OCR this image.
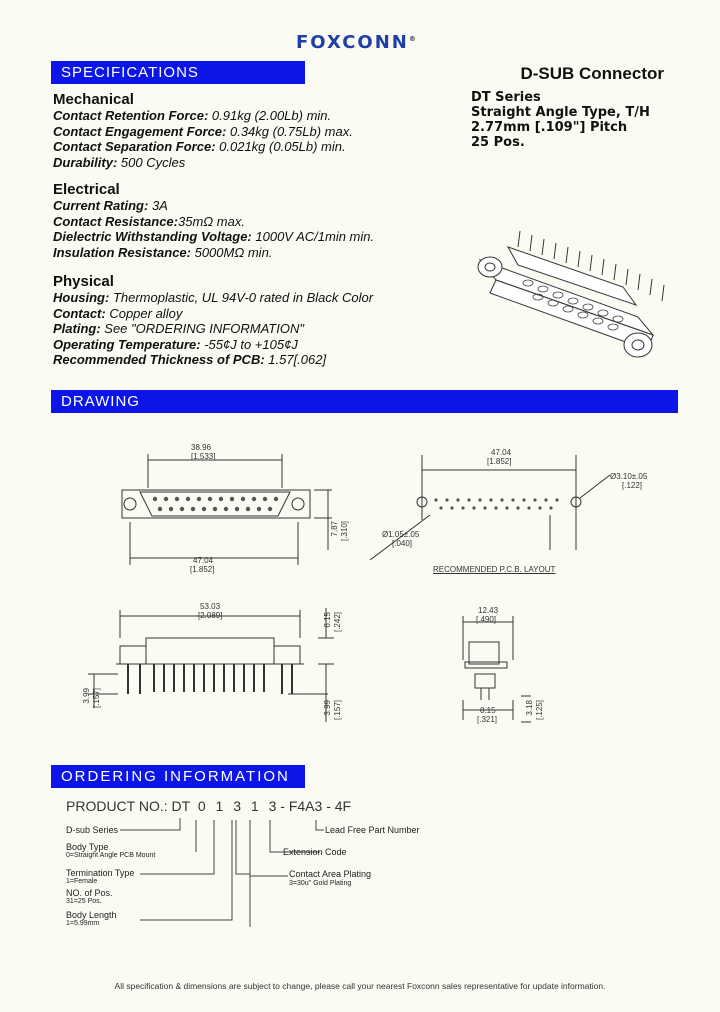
FOXCONN®
SPECIFICATIONS	D-SUB Connector
DT Series
Straight Angle Type, T/H
2.77mm [.109"] Pitch
25 Pos.
Mechanical
Contact Retention Force: 0.91kg (2.00Lb) min.
Contact Engagement Force: 0.34kg (0.75Lb) max.
Contact Separation Force: 0.021kg (0.05Lb) min.
Durability: 500 Cycles
Electrical
Current Rating: 3A
Contact Resistance:35mΩ max.
Dielectric Withstanding Voltage: 1000V AC/1min min.
Insulation Resistance: 5000MΩ min.
Physical
Housing: Thermoplastic, UL 94V-0 rated in Black Color
Contact: Copper alloy
Plating: See "ORDERING INFORMATION"
Operating Temperature: -55¢J to +105¢J
Recommended Thickness of PCB: 1.57[.062]
DRAWING
38.96
[1.533]
47.04
[1.852]
7.87 [.310]
47.04
[1.852]
Ø3.10±.05
[.122]
Ø1.05±.05
[.040]
RECOMMENDED P.C.B. LAYOUT
53.03
[2.089]	6.15 [.242]
3.99 [.157]	3.99 [.157]
12.43
[.490]
8.15
[.321]
3.18 [.125]
ORDERING INFORMATION
PRODUCT NO.: DT 0 1 3 1 3 - F4A3 - 4F
D-sub Series
Body Type
0=Straight Angle PCB Mount
Termination Type
1=Female
NO. of Pos.
31=25 Pos.
Body Length
1=5.99mm
Lead Free Part Number
Extension Code
Contact Area Plating
3=30u" Gold Plating
All specification & dimensions are subject to change, please call your nearest Foxconn sales representative for update information.
